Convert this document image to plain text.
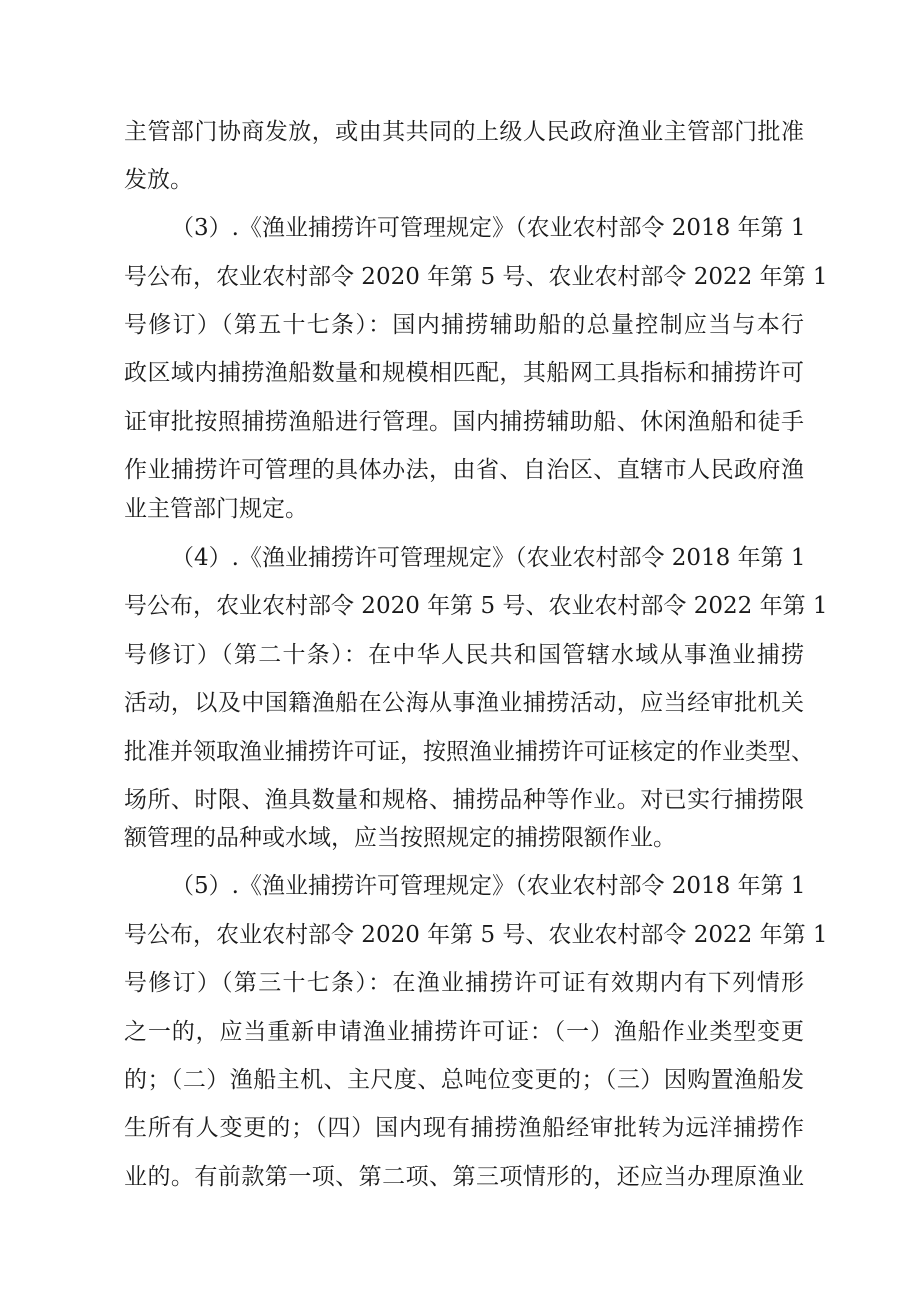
主管部门协商发放，或由其共同的上级人民政府渔业主管部门批准
发放。
（3）.《渔业捕捞许可管理规定》（农业农村部令 2018 年第 1
号公布，农业农村部令 2020 年第 5 号、农业农村部令 2022 年第 1
号修订）（第五十七条）：国内捕捞辅助船的总量控制应当与本行
政区域内捕捞渔船数量和规模相匹配，其船网工具指标和捕捞许可
证审批按照捕捞渔船进行管理。国内捕捞辅助船、休闲渔船和徒手
作业捕捞许可管理的具体办法，由省、自治区、直辖市人民政府渔
业主管部门规定。
（4）.《渔业捕捞许可管理规定》（农业农村部令 2018 年第 1
号公布，农业农村部令 2020 年第 5 号、农业农村部令 2022 年第 1
号修订）（第二十条）：在中华人民共和国管辖水域从事渔业捕捞
活动，以及中国籍渔船在公海从事渔业捕捞活动，应当经审批机关
批准并领取渔业捕捞许可证，按照渔业捕捞许可证核定的作业类型、
场所、时限、渔具数量和规格、捕捞品种等作业。对已实行捕捞限
额管理的品种或水域，应当按照规定的捕捞限额作业。
（5）.《渔业捕捞许可管理规定》（农业农村部令 2018 年第 1
号公布，农业农村部令 2020 年第 5 号、农业农村部令 2022 年第 1
号修订）（第三十七条）：在渔业捕捞许可证有效期内有下列情形
之一的，应当重新申请渔业捕捞许可证：（一）渔船作业类型变更
的；（二）渔船主机、主尺度、总吨位变更的；（三）因购置渔船发
生所有人变更的；（四）国内现有捕捞渔船经审批转为远洋捕捞作
业的。有前款第一项、第二项、第三项情形的，还应当办理原渔业
